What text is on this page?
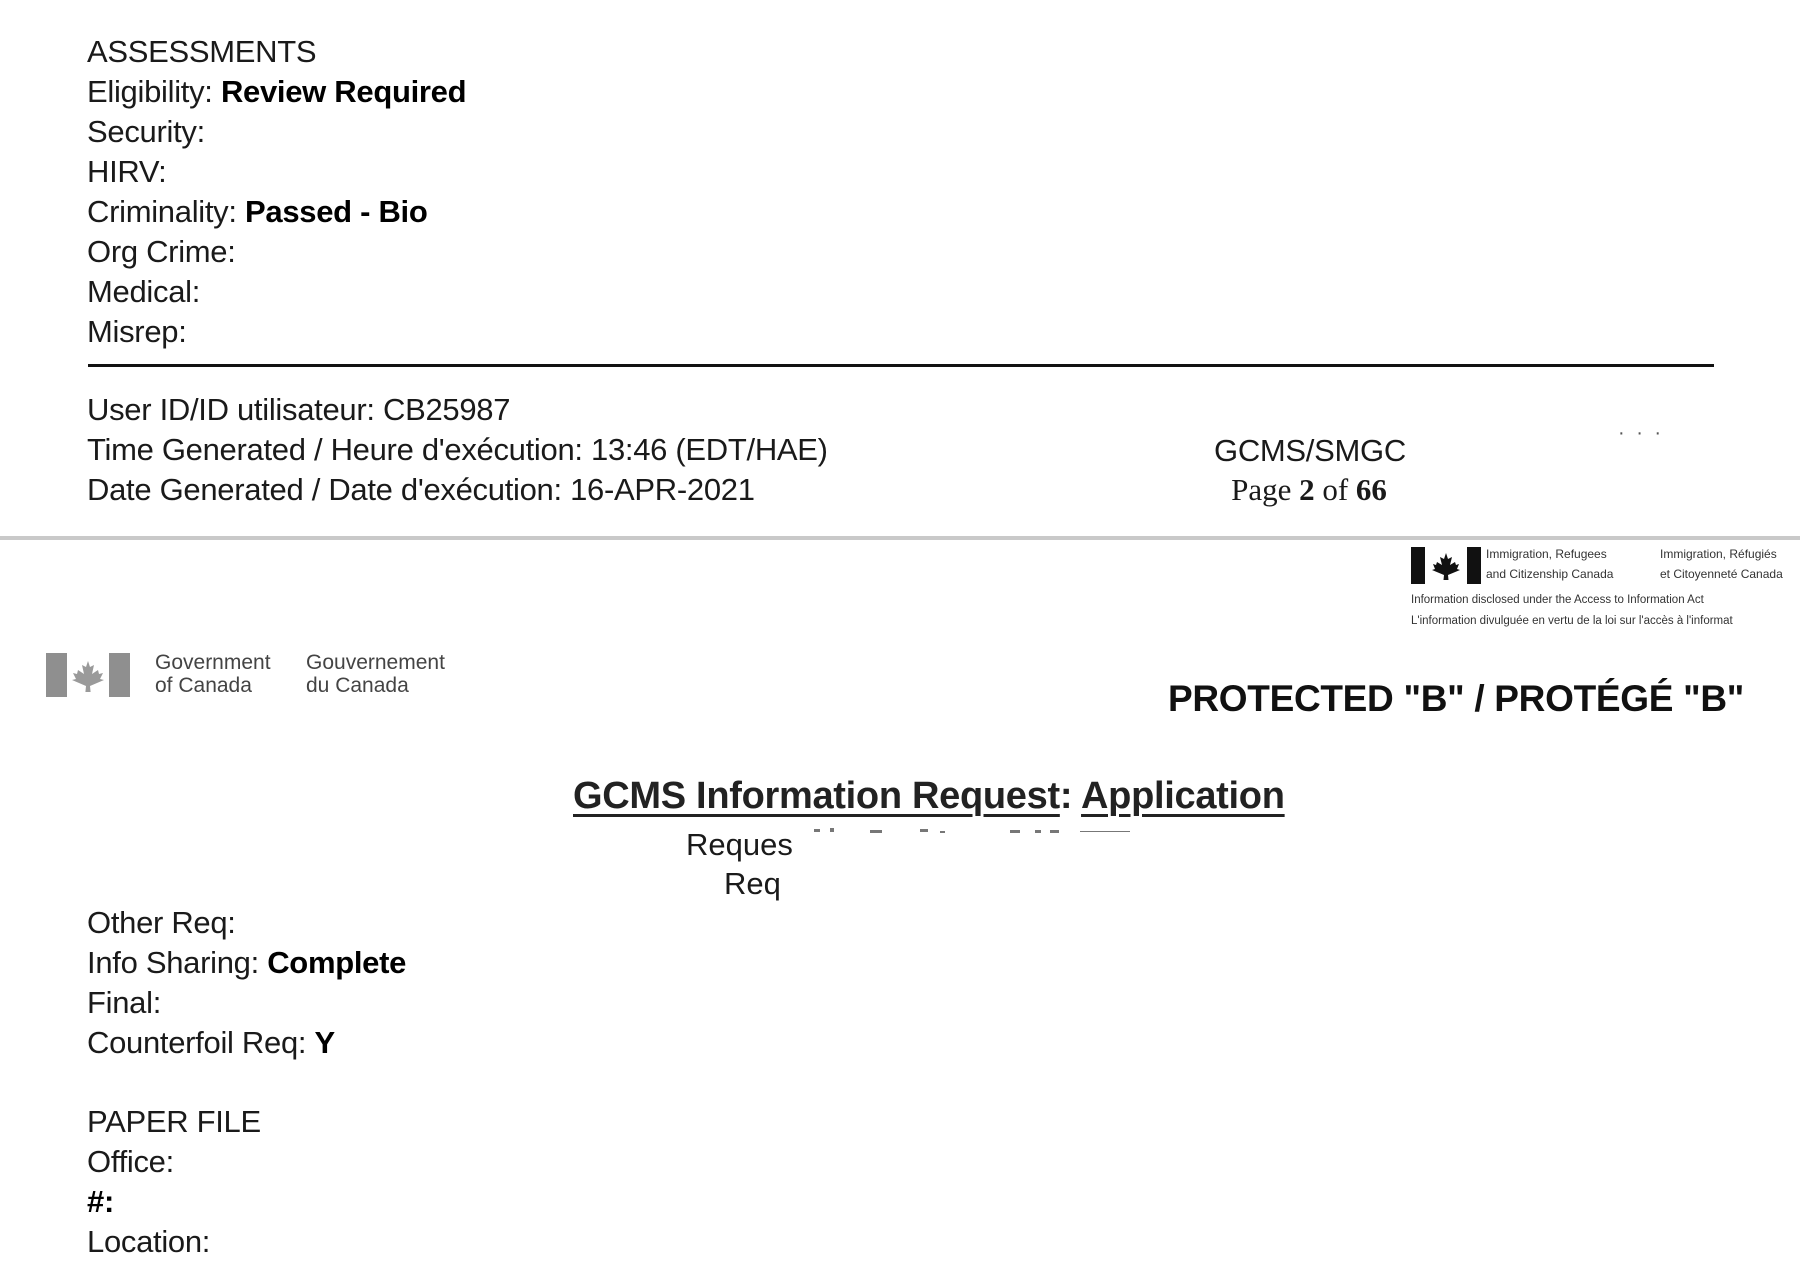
ASSESSMENTS
Eligibility: Review Required
Security:
HIRV:
Criminality: Passed - Bio
Org Crime:
Medical:
Misrep:
User ID/ID utilisateur: CB25987
Time Generated / Heure d'exécution: 13:46 (EDT/HAE)
Date Generated / Date d'exécution: 16-APR-2021
GCMS/SMGC
Page 2 of 66
· · ·
Immigration, Refugees
and Citizenship Canada
Immigration, Réfugiés
et Citoyenneté Canada
Information disclosed under the Access to Information Act
L'information divulguée en vertu de la loi sur l'accès à l'informat
Government
of Canada
Gouvernement
du Canada	PROTECTED "B" / PROTÉGÉ "B"
GCMS Information Request: Application
Reques
Req
Other Req:
Info Sharing: Complete
Final:
Counterfoil Req: Y
PAPER FILE
Office:
#:
Location:
